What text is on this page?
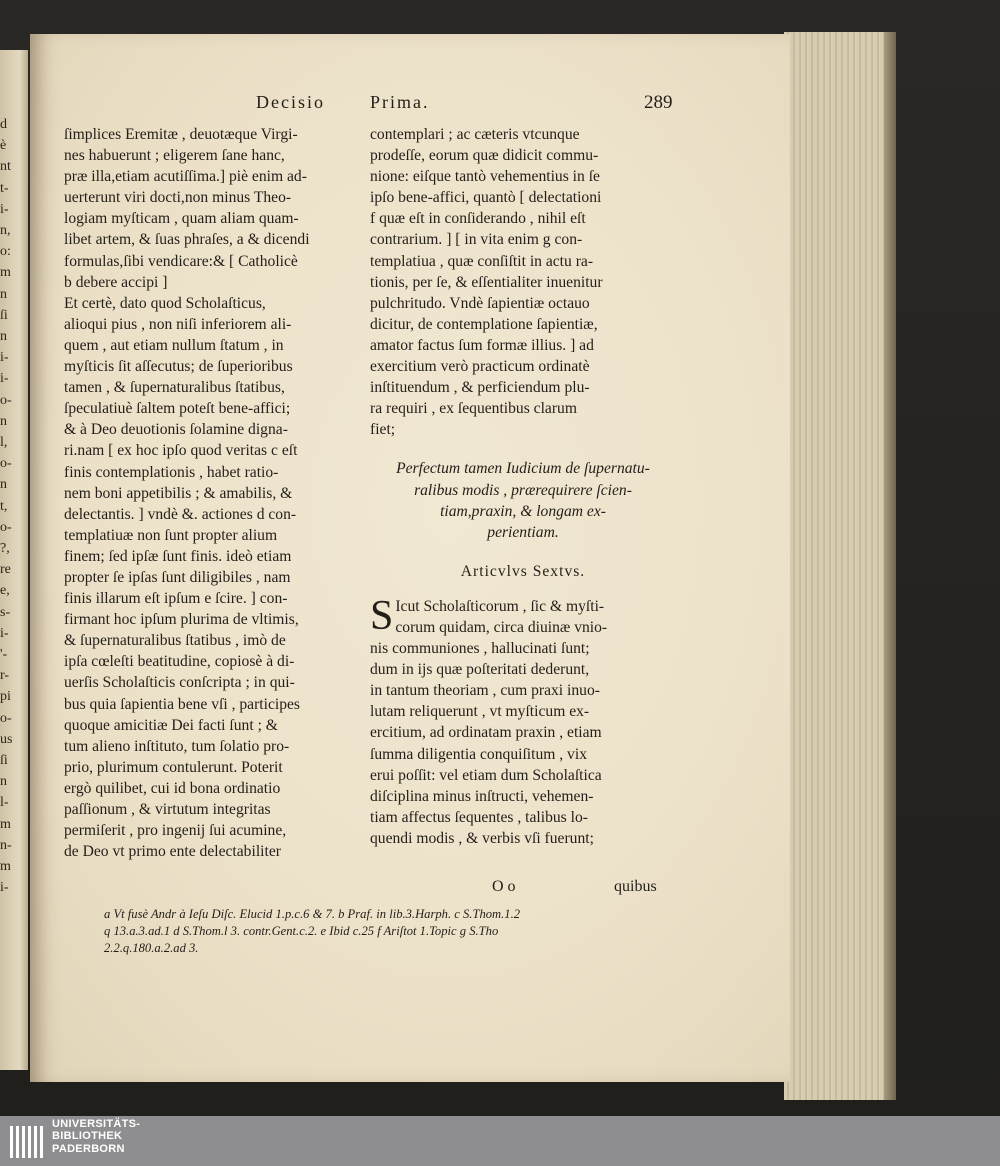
d
è
nt
t-
i-
n,
o:
m
n
ſi
n
i-
i-
o-
n
l,
o-
n
t,
o-
?,
re
e,
s-
i-
'-
r-
pi
o-
us
ſi
n
l-
m
n-
m
i-
Decisio	Prima.	289
ſimplices Eremitæ , deuotæque Virgi-
nes habuerunt ; eligerem ſane hanc,
præ illa,etiam acutiſſima.] piè enim ad-
uerterunt viri docti,non minus Theo-
logiam myſticam , quam aliam quam-
libet artem, & ſuas phraſes, a & dicendi
formulas,ſibi vendicare:& [ Catholicè
b debere accipi ]
Et certè, dato quod Scholaſticus,
alioqui pius , non niſi inferiorem ali-
quem , aut etiam nullum ſtatum , in
myſticis ſit aſſecutus; de ſuperioribus
tamen , & ſupernaturalibus ſtatibus,
ſpeculatiuè ſaltem poteſt bene-affici;
& à Deo deuotionis ſolamine digna-
ri.nam [ ex hoc ipſo quod veritas c eſt
finis contemplationis , habet ratio-
nem boni appetibilis ; & amabilis, &
delectantis. ] vndè &. actiones d con-
templatiuæ non ſunt propter alium
finem; ſed ipſæ ſunt finis. ideò etiam
propter ſe ipſas ſunt diligibiles , nam
finis illarum eſt ipſum e ſcire. ] con-
firmant hoc ipſum plurima de vltimis,
& ſupernaturalibus ſtatibus , imò de
ipſa cœleſti beatitudine, copiosè à di-
uerſis Scholaſticis conſcripta ; in qui-
bus quia ſapientia bene vſi , participes
quoque amicitiæ Dei facti ſunt ; &
tum alieno inſtituto, tum ſolatio pro-
prio, plurimum contulerunt. Poterit
ergò quilibet, cui id bona ordinatio
paſſionum , & virtutum integritas
permiſerit , pro ingenij ſui acumine,
de Deo vt primo ente delectabiliter
contemplari ; ac cæteris vtcunque
prodeſſe, eorum quæ didicit commu-
nione: eiſque tantò vehementius in ſe
ipſo bene-affici, quantò [ delectationi
f quæ eſt in conſiderando , nihil eſt
contrarium. ] [ in vita enim g con-
templatiua , quæ conſiſtit in actu ra-
tionis, per ſe, & eſſentialiter inuenitur
pulchritudo. Vndè ſapientiæ octauo
dicitur, de contemplatione ſapientiæ,
amator factus ſum formæ illius. ] ad
exercitium verò practicum ordinatè
inſtituendum , & perficiendum plu-
ra requiri , ex ſequentibus clarum
fiet;
Perfectum tamen Iudicium de ſupernatu-
ralibus modis , prærequirere ſcien-
tiam,praxin, & longam ex-
perientiam.
Articvlvs Sextvs.
S Icut Scholaſticorum , ſic & myſti-
corum quidam, circa diuinæ vnio-
nis communiones , hallucinati ſunt;
dum in ijs quæ poſteritati dederunt,
in tantum theoriam , cum praxi inuo-
lutam reliquerunt , vt myſticum ex-
ercitium, ad ordinatam praxin , etiam
ſumma diligentia conquiſitum , vix
erui poſſit: vel etiam dum Scholaſtica
diſciplina minus inſtructi, vehemen-
tiam affectus ſequentes , talibus lo-
quendi modis , & verbis vſi fuerunt;
O o	quibus
a Vt fusè Andr à Ieſu Diſc. Elucid 1.p.c.6 & 7. b Praf. in lib.3.Harph. c S.Thom.1.2
q 13.a.3.ad.1 d S.Thom.l 3. contr.Gent.c.2. e Ibid c.25 f Ariſtot 1.Topic g S.Tho
2.2.q.180.a.2.ad 3.
UNIVERSITÄTS-
BIBLIOTHEK
PADERBORN
